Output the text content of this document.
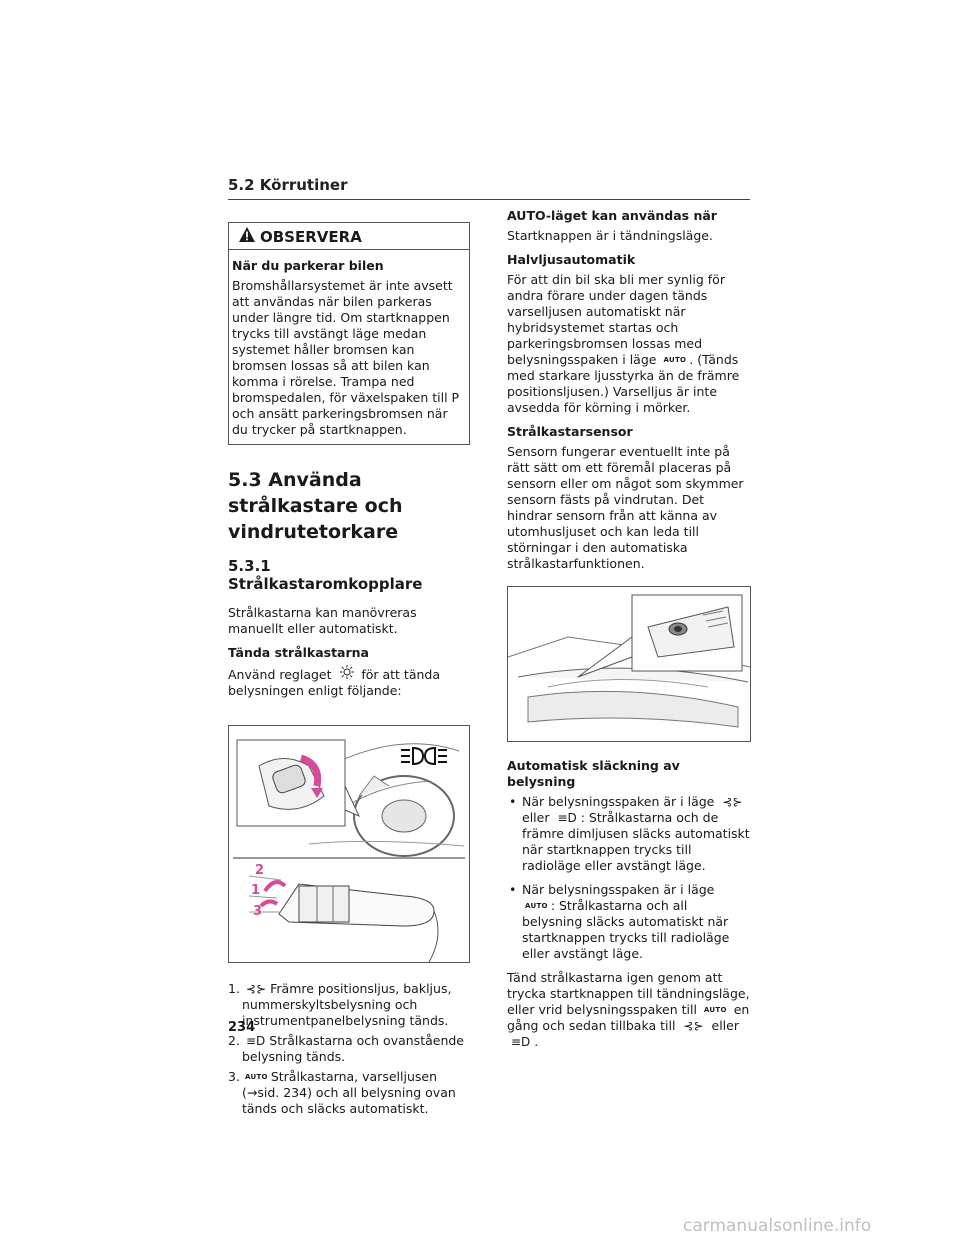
5.2 Körrutiner
OBSERVERA
När du parkerar bilen

Bromshållarsystemet är inte avsett att användas när bilen parkeras under längre tid. Om startknappen trycks till avstängt läge medan systemet håller bromsen kan bromsen lossas så att bilen kan komma i rörelse. Trampa ned bromspedalen, för växelspaken till P och ansätt parkeringsbromsen när du trycker på startknappen.

5.3 Använda strålkastare och vindrutetorkare
5.3.1 Strålkastaromkopplare

Strålkastarna kan manövreras manuellt eller automatiskt.

Tända strålkastarna

Använd reglaget för att tända belysningen enligt följande:

2
1
3
1. ⊰⊱ Främre positionsljus, bakljus, nummerskyltsbelysning och instrumentpanelbelysning tänds.
2. ≡D Strålkastarna och ovanstående belysning tänds.
3. AUTO Strålkastarna, varselljusen (→sid. 234) och all belysning ovan tänds och släcks automatiskt.
AUTO-läget kan användas när

Startknappen är i tändningsläge.

Halvljusautomatik

För att din bil ska bli mer synlig för andra förare under dagen tänds varselljusen automatiskt när hybridsystemet startas och parkeringsbromsen lossas med belysningsspaken i läge AUTO . (Tänds med starkare ljusstyrka än de främre positionsljusen.) Varselljus är inte avsedda för körning i mörker.

Strålkastarsensor

Sensorn fungerar eventuellt inte på rätt sätt om ett föremål placeras på sensorn eller om något som skymmer sensorn fästs på vindrutan. Det hindrar sensorn från att känna av utomhusljuset och kan leda till störningar i den automatiska strålkastarfunktionen.

Automatisk släckning av belysning
• När belysningsspaken är i läge ⊰⊱
eller ≡D : Strålkastarna och de främre dimljusen släcks automatiskt när startknappen trycks till radioläge eller avstängt läge.
• När belysningsspaken är i läge AUTO : Strålkastarna och all belysning släcks automatiskt när startknappen trycks till radioläge eller avstängt läge.

Tänd strålkastarna igen genom att trycka startknappen till tändningsläge, eller vrid belysningsspaken till AUTO en gång och sedan tillbaka till ⊰⊱ eller
≡D .

234
carmanualsonline.info
